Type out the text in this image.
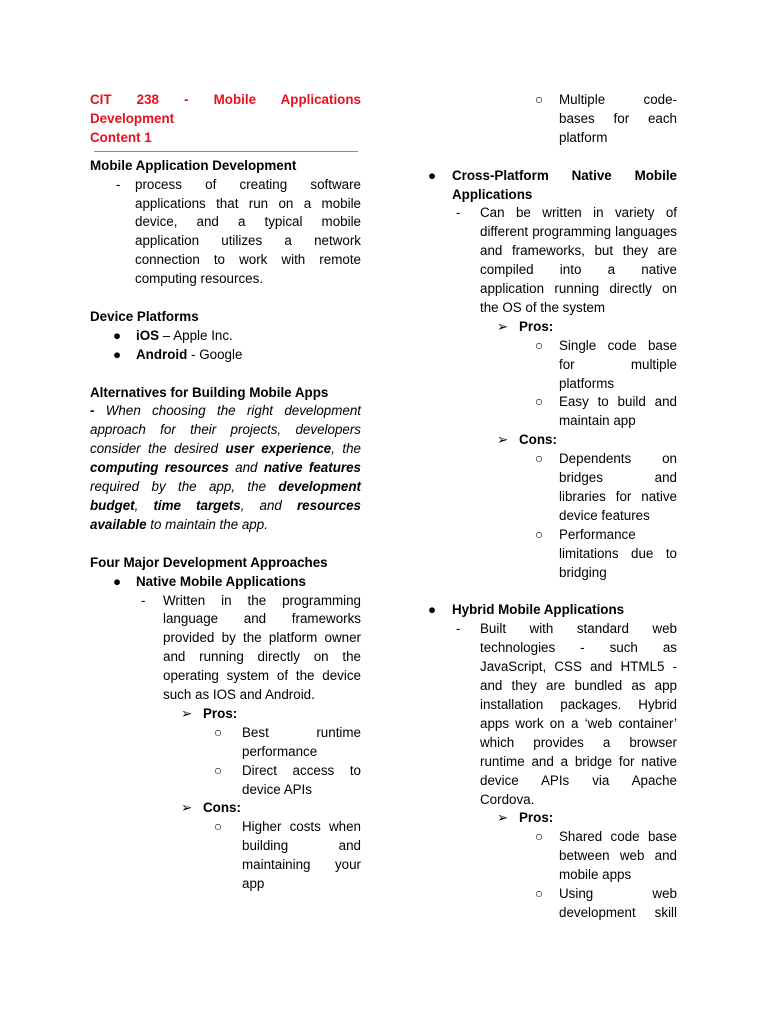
CIT 238 - Mobile Applications
Development
Content 1
Mobile Application Development
-	process of creating software applications that run on a mobile device, and a typical mobile application utilizes a network connection to work with remote computing resources.
Device Platforms
●	iOS – Apple Inc.
●	Android - Google
Alternatives for Building Mobile Apps
- When choosing the right development approach for their projects, developers consider the desired user experience, the computing resources and native features required by the app, the development budget, time targets, and resources available to maintain the app.
Four Major Development Approaches
●	Native Mobile Applications
-	Written in the programming language and frameworks provided by the platform owner and running directly on the operating system of the device such as IOS and Android.
➢ Pros:
○	Best runtime performance
○	Direct access to device APIs
➢ Cons:
○	Higher costs when building and maintaining your app
○	Multiple code-bases for each platform
●	Cross-Platform Native Mobile Applications
-	Can be written in variety of different programming languages and frameworks, but they are compiled into a native application running directly on the OS of the system
➢ Pros:
○	Single code base for multiple platforms
○	Easy to build and maintain app
➢ Cons:
○	Dependents on bridges and libraries for native device features
○	Performance limitations due to bridging
●	Hybrid Mobile Applications
-	Built with standard web technologies - such as JavaScript, CSS and HTML5 - and they are bundled as app installation packages. Hybrid apps work on a ‘web container’ which provides a browser runtime and a bridge for native device APIs via Apache Cordova.
➢ Pros:
○	Shared code base between web and mobile apps
○	Using web development skill
